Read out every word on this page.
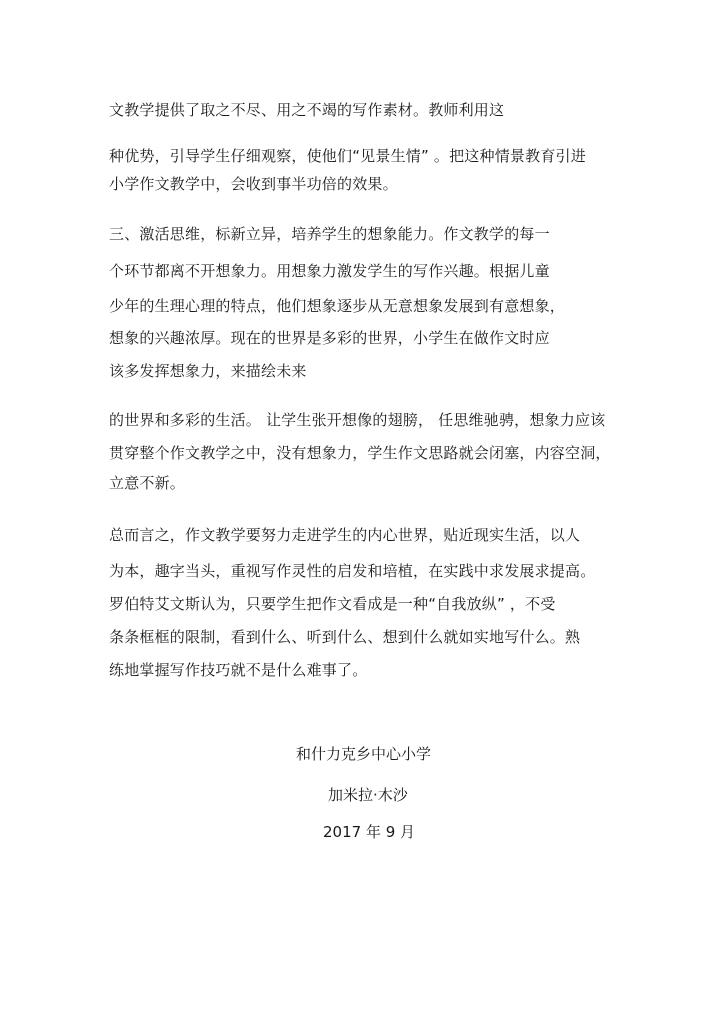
文教学提供了取之不尽、用之不竭的写作素材。教师利用这
种优势，引导学生仔细观察，使他们“见景生情” 。把这种情景教育引进
小学作文教学中，会收到事半功倍的效果。
三、激活思维，标新立异，培养学生的想象能力。作文教学的每一
个环节都离不开想象力。用想象力激发学生的写作兴趣。根据儿童
少年的生理心理的特点，他们想象逐步从无意想象发展到有意想象，
想象的兴趣浓厚。现在的世界是多彩的世界，小学生在做作文时应
该多发挥想象力，来描绘未来
的世界和多彩的生活。 让学生张开想像的翅膀， 任思维驰骋，想象力应该
贯穿整个作文教学之中，没有想象力，学生作文思路就会闭塞，内容空洞，
立意不新。
总而言之，作文教学要努力走进学生的内心世界，贴近现实生活，以人
为本，趣字当头，重视写作灵性的启发和培植，在实践中求发展求提高。
罗伯特艾文斯认为，只要学生把作文看成是一种“自我放纵” ，不受
条条框框的限制，看到什么、听到什么、想到什么就如实地写什么。熟
练地掌握写作技巧就不是什么难事了。
和什力克乡中心小学
加米拉·木沙
2017 年 9 月
